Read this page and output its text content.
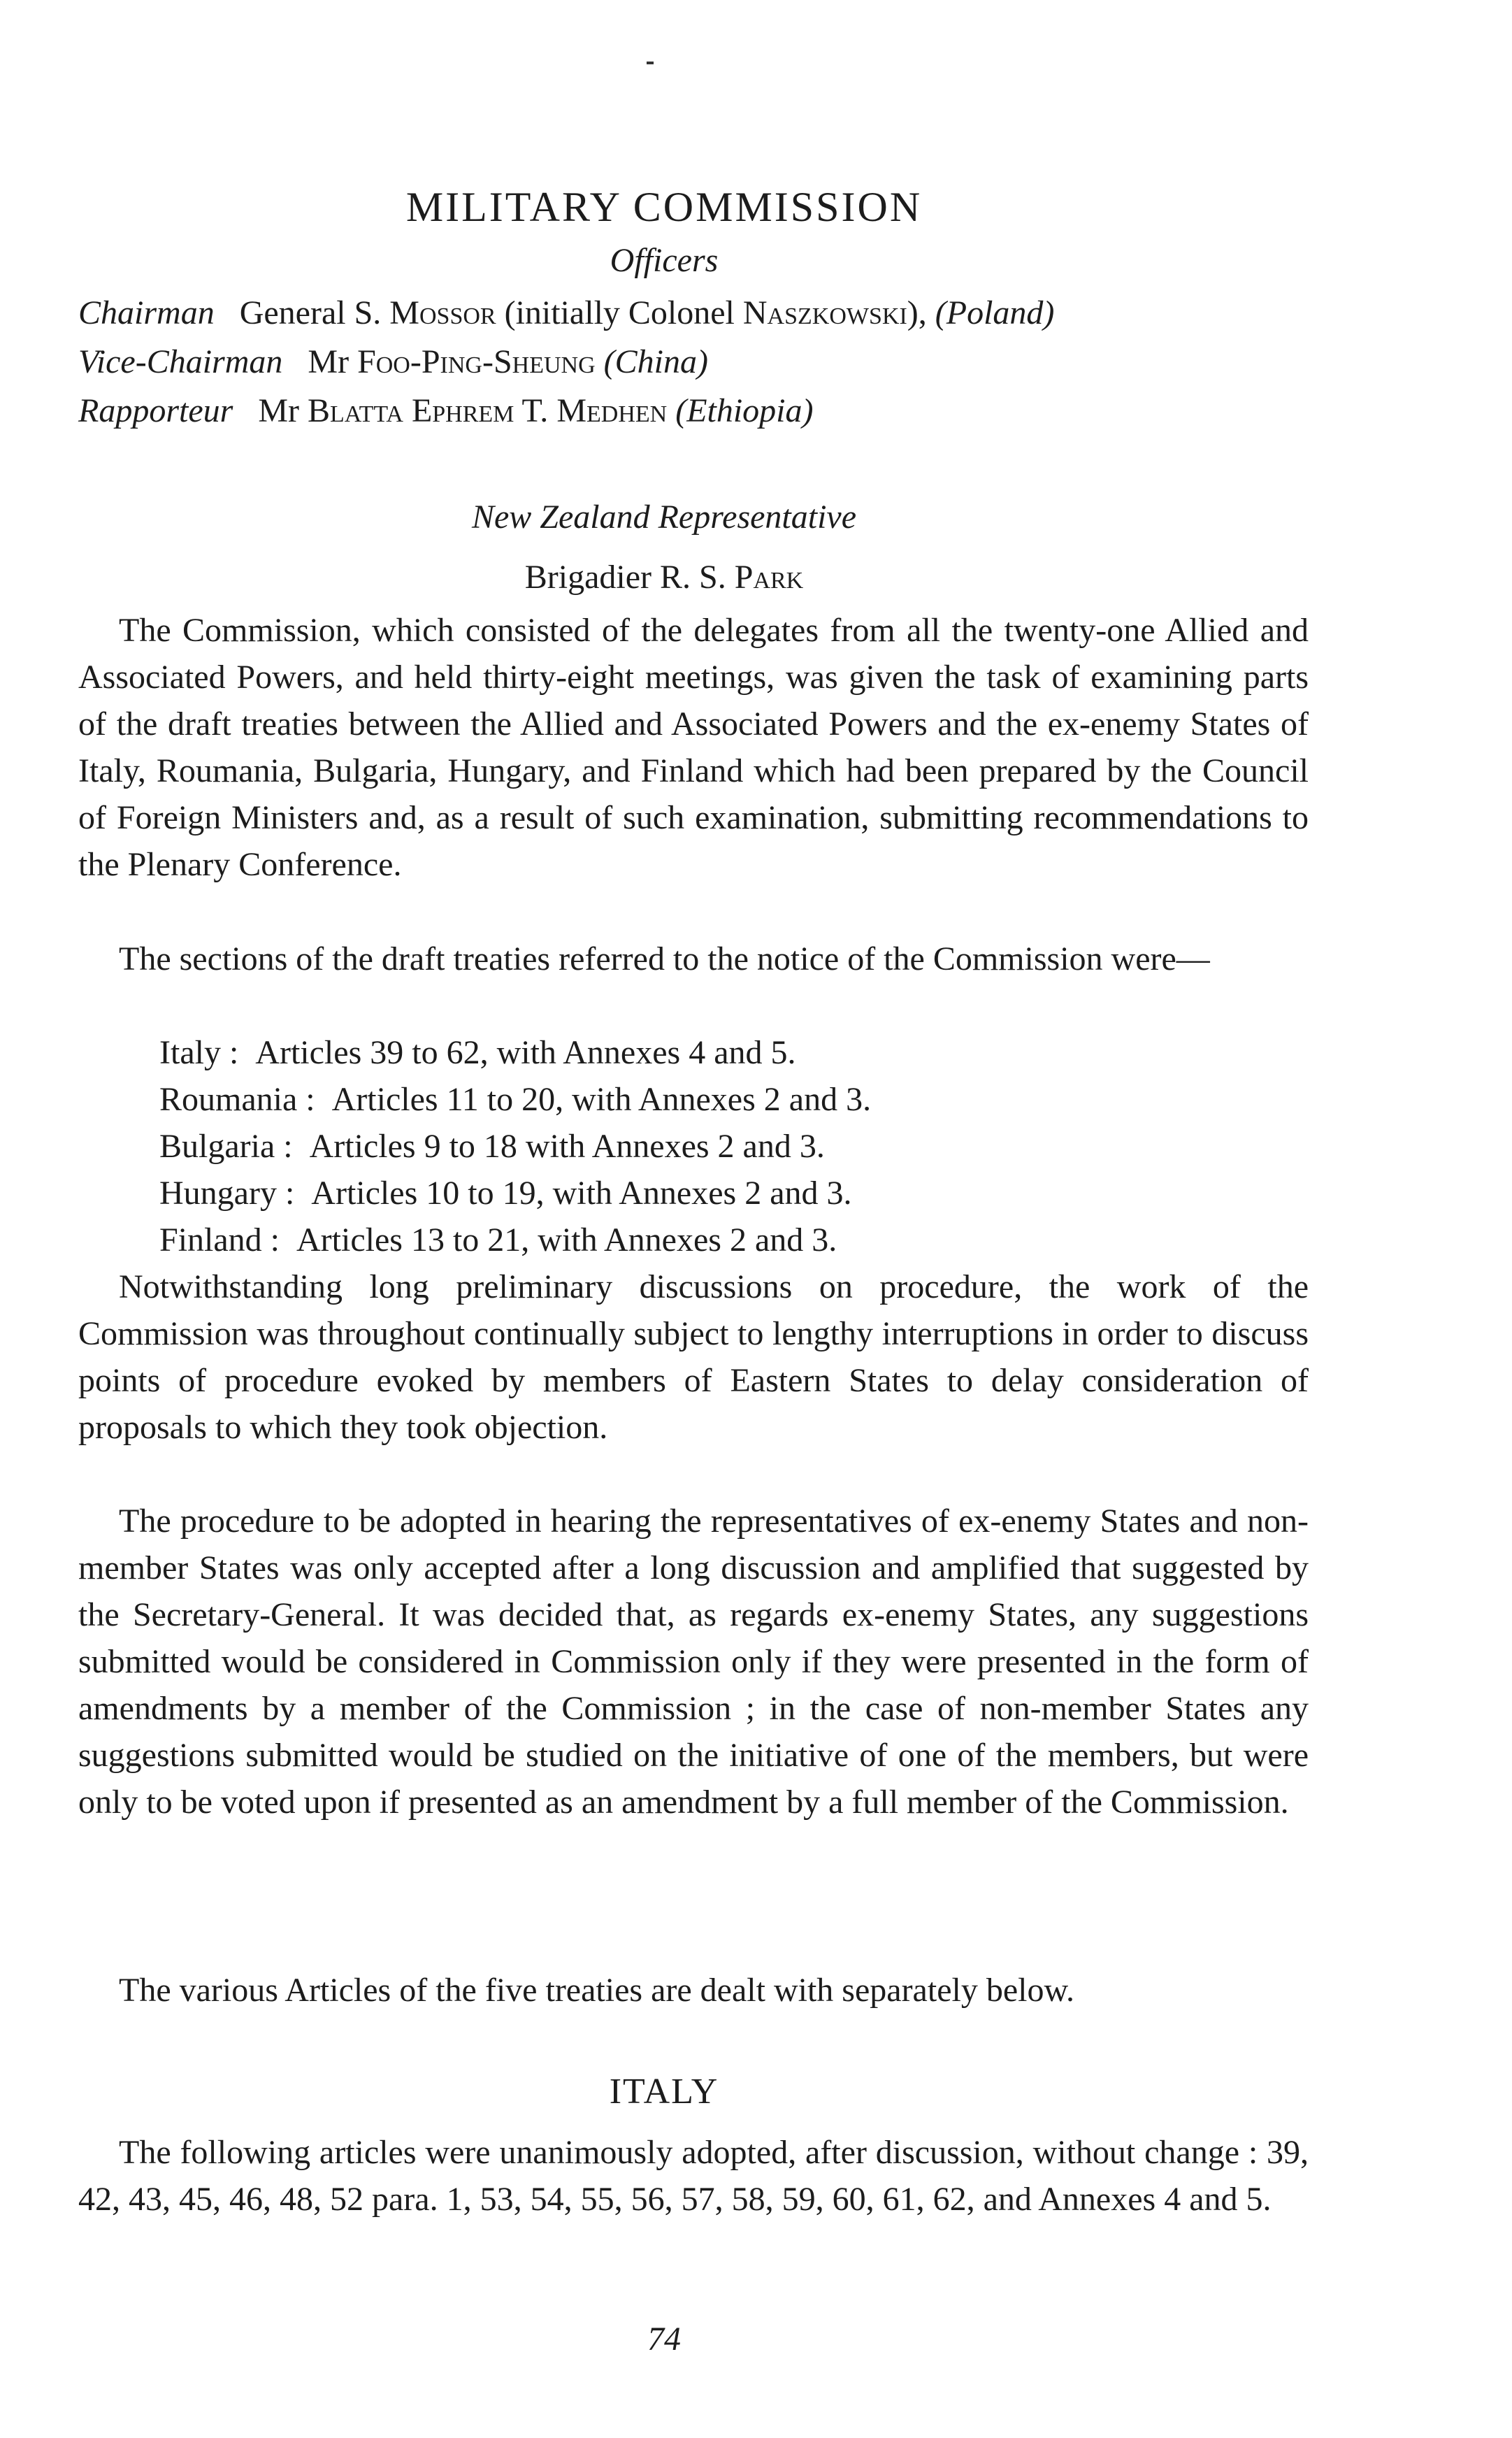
MILITARY COMMISSION
Officers
Chairman General S. Mossor (initially Colonel Naszkowski), (Poland)
Vice-Chairman Mr Foo-Ping-Sheung (China)
Rapporteur Mr Blatta Ephrem T. Medhen (Ethiopia)
New Zealand Representative
Brigadier R. S. Park
The Commission, which consisted of the delegates from all the twenty-one Allied and Associated Powers, and held thirty-eight meetings, was given the task of examining parts of the draft treaties between the Allied and Associated Powers and the ex-enemy States of Italy, Roumania, Bulgaria, Hungary, and Finland which had been prepared by the Council of Foreign Ministers and, as a result of such examination, submitting recommendations to the Plenary Conference.
The sections of the draft treaties referred to the notice of the Commission were—
Italy : Articles 39 to 62, with Annexes 4 and 5.
Roumania : Articles 11 to 20, with Annexes 2 and 3.
Bulgaria : Articles 9 to 18 with Annexes 2 and 3.
Hungary : Articles 10 to 19, with Annexes 2 and 3.
Finland : Articles 13 to 21, with Annexes 2 and 3.
Notwithstanding long preliminary discussions on procedure, the work of the Commission was throughout continually subject to lengthy interruptions in order to discuss points of procedure evoked by members of Eastern States to delay consideration of proposals to which they took objection.
The procedure to be adopted in hearing the representatives of ex-enemy States and non-member States was only accepted after a long discussion and amplified that suggested by the Secretary-General. It was decided that, as regards ex-enemy States, any suggestions submitted would be considered in Commission only if they were presented in the form of amendments by a member of the Commission ; in the case of non-member States any suggestions submitted would be studied on the initiative of one of the members, but were only to be voted upon if presented as an amendment by a full member of the Commission.
The various Articles of the five treaties are dealt with separately below.
ITALY
The following articles were unanimously adopted, after discussion, without change : 39, 42, 43, 45, 46, 48, 52 para. 1, 53, 54, 55, 56, 57, 58, 59, 60, 61, 62, and Annexes 4 and 5.
74
